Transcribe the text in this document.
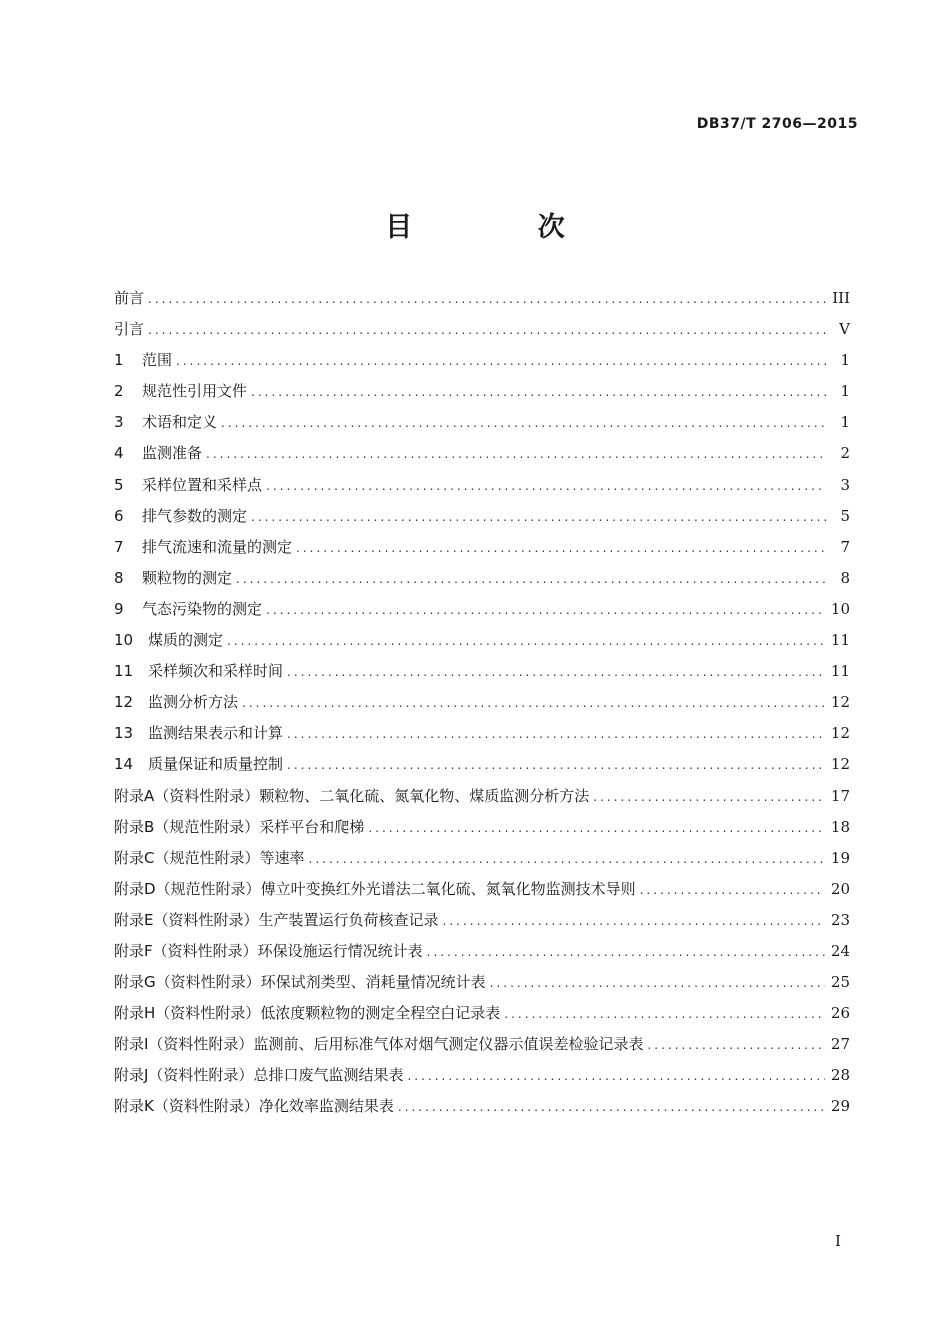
DB37/T 2706—2015
目 次
前言 .....	III
引言 .....	V
1	范围 .....	1
2	规范性引用文件 .....	1
3	术语和定义 .....	1
4	监测准备 .....	2
5	采样位置和采样点 .....	3
6	排气参数的测定 .....	5
7	排气流速和流量的测定 .....	7
8	颗粒物的测定 .....	8
9	气态污染物的测定 .....	10
10 煤质的测定 .....	11
11 采样频次和采样时间 .....	11
12 监测分析方法 .....	12
13 监测结果表示和计算 .....	12
14 质量保证和质量控制 .....	12
附录A（资料性附录） 颗粒物、二氧化硫、氮氧化物、煤质监测分析方法 .....	17
附录B（规范性附录） 采样平台和爬梯 .....	18
附录C（规范性附录） 等速率 .....	19
附录D（规范性附录） 傅立叶变换红外光谱法二氧化硫、氮氧化物监测技术导则 .....	20
附录E（资料性附录） 生产装置运行负荷核查记录 .....	23
附录F（资料性附录） 环保设施运行情况统计表 .....	24
附录G（资料性附录） 环保试剂类型、消耗量情况统计表 .....	25
附录H（资料性附录） 低浓度颗粒物的测定全程空白记录表 .....	26
附录I（资料性附录） 监测前、后用标准气体对烟气测定仪器示值误差检验记录表 .....	27
附录J（资料性附录） 总排口废气监测结果表 .....	28
附录K（资料性附录） 净化效率监测结果表 .....	29
I
